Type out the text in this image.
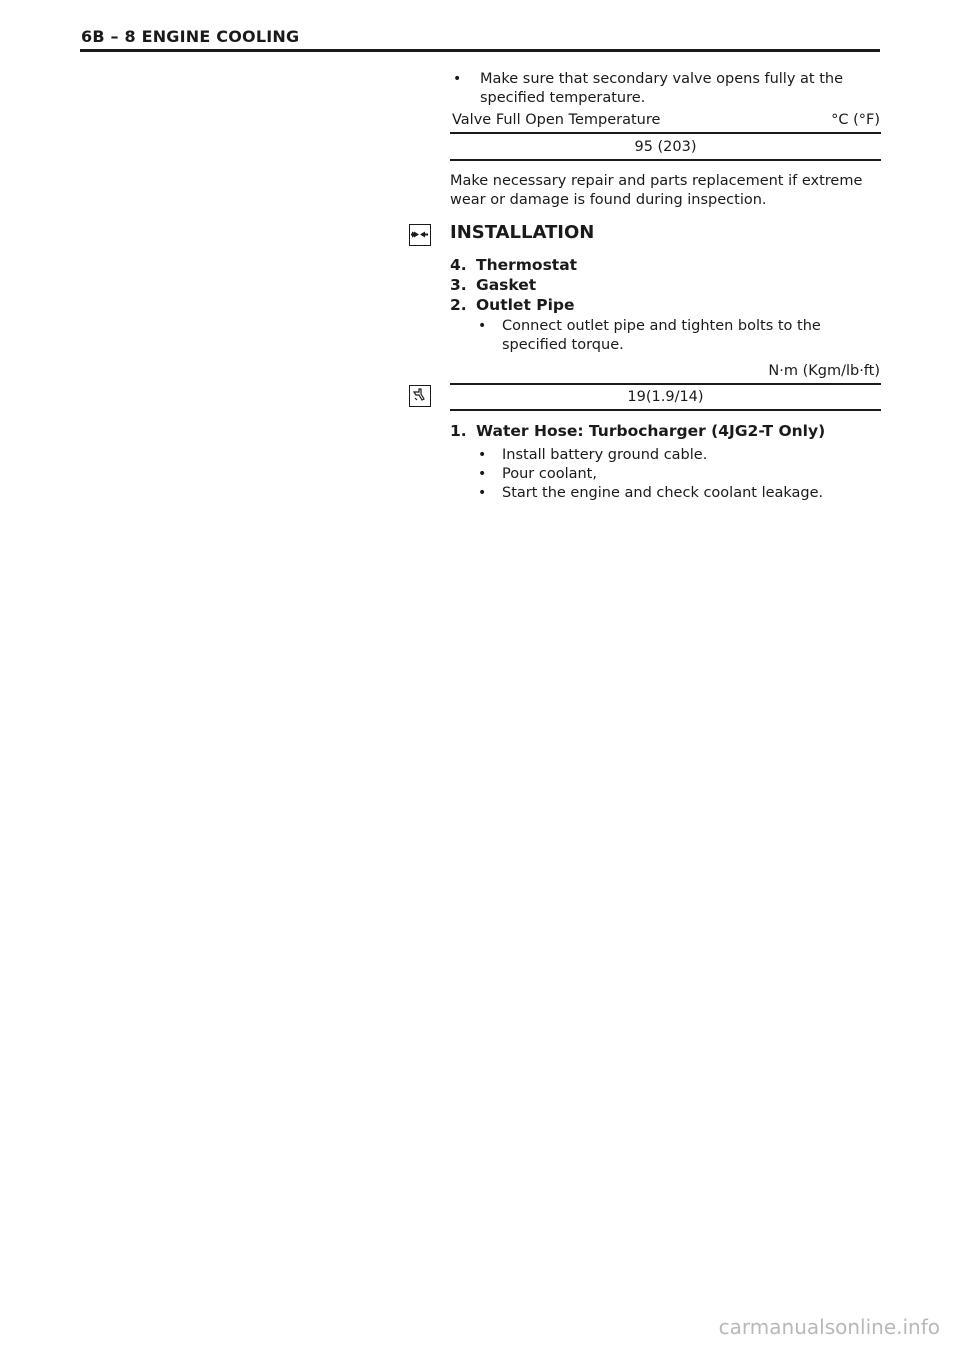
6B – 8 ENGINE COOLING
• Make sure that secondary valve opens fully at the
specified temperature.
Valve Full Open Temperature	°C (°F)
95 (203)
Make necessary repair and parts replacement if extreme
wear or damage is found during inspection.
INSTALLATION
4. Thermostat
3. Gasket
2. Outlet Pipe
• Connect outlet pipe and tighten bolts to the
specified torque.
N·m (Kgm/lb·ft)
19(1.9/14)
1. Water Hose: Turbocharger (4JG2-T Only)
• Install battery ground cable.
• Pour coolant,
• Start the engine and check coolant leakage.
carmanualsonline.info
